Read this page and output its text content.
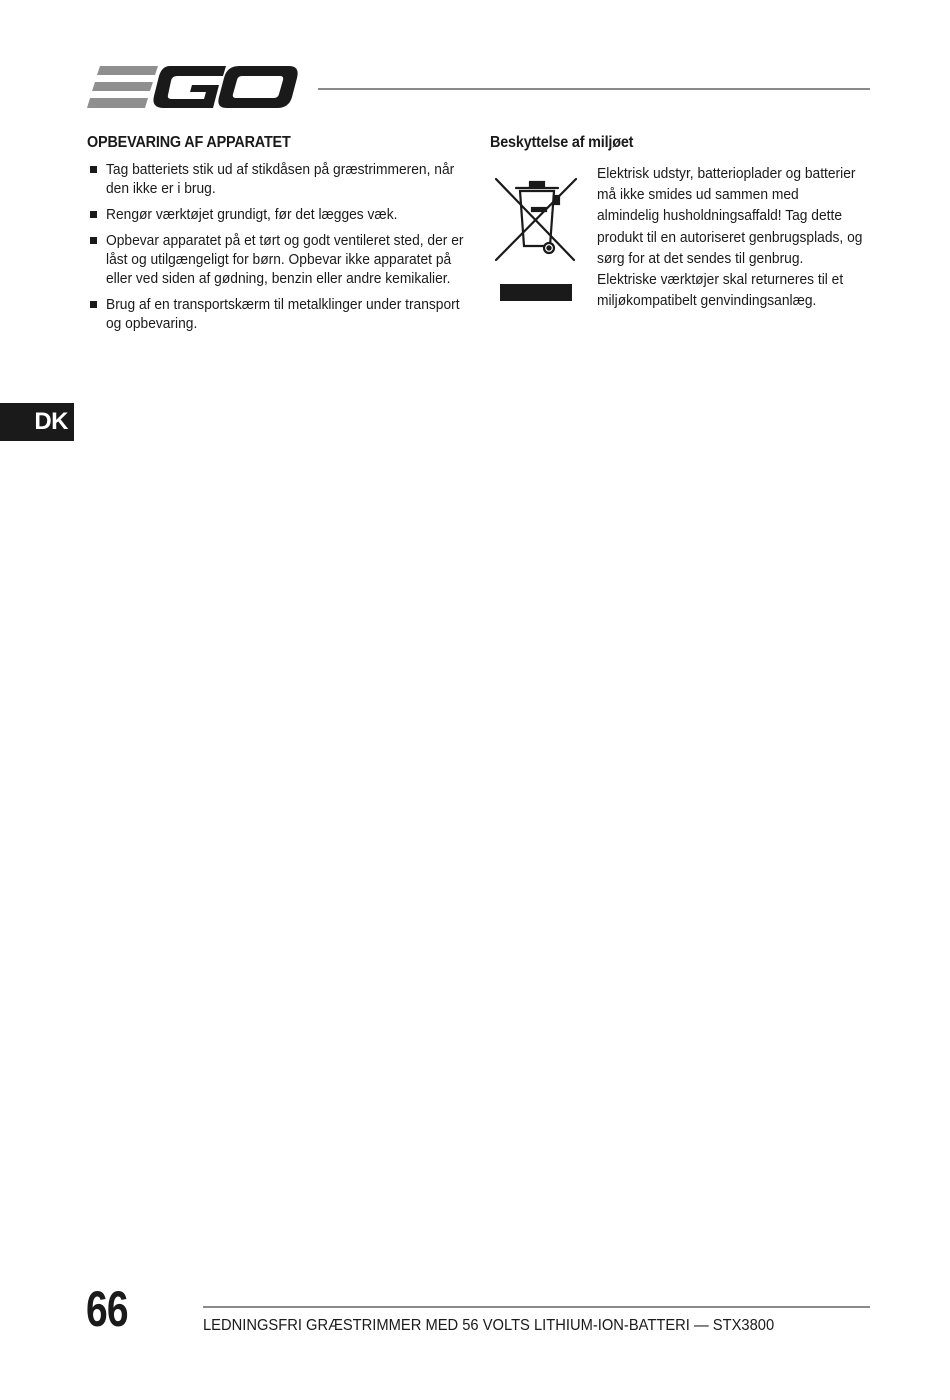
OPBEVARING AF APPARATET
Tag batteriets stik ud af stikdåsen på græstrimmeren, når den ikke er i brug.
Rengør værktøjet grundigt, før det lægges væk.
Opbevar apparatet på et tørt og godt ventileret sted, der er låst og utilgængeligt for børn. Opbevar ikke apparatet på eller ved siden af gødning, benzin eller andre kemikalier.
Brug af en transportskærm til metalklinger under transport og opbevaring.
Beskyttelse af miljøet
Elektrisk udstyr, batterioplader og batterier må ikke smides ud sammen med almindelig husholdningsaffald! Tag dette produkt til en autoriseret genbrugsplads, og sørg for at det sendes til genbrug. Elektriske værktøjer skal returneres til et miljøkompatibelt genvindingsanlæg.
DK
66	LEDNINGSFRI GRÆSTRIMMER MED 56 VOLTS LITHIUM-ION-BATTERI — STX3800
